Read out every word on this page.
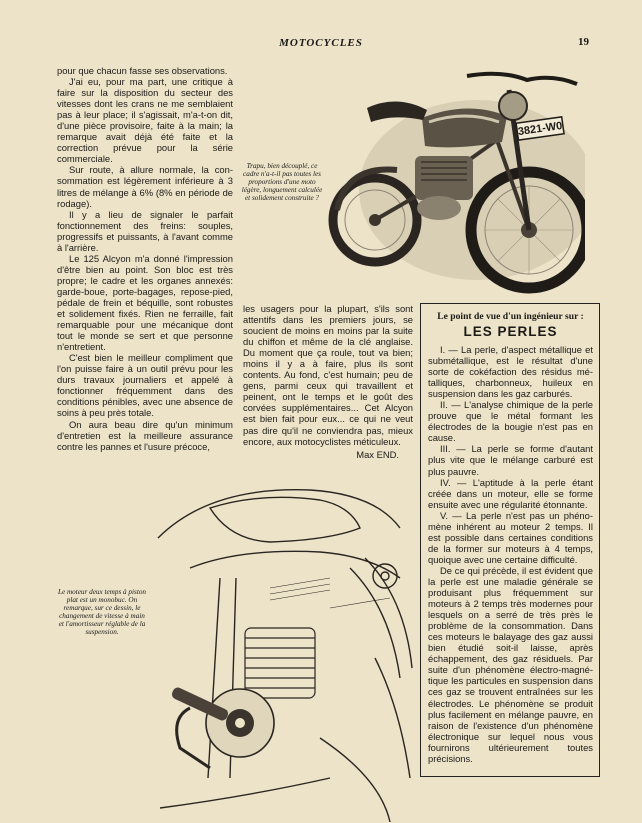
MOTOCYCLES	19

pour que chacun fasse ses observations.

J'ai eu, pour ma part, une critique à faire sur la disposition du secteur des vitesses dont les crans ne me semblaient pas à leur place; il s'agissait, m'a-t-on dit, d'une pièce provisoire, faite à la main; la remarque avait déjà été faite et la correction prévue pour la série commerciale.

Sur route, à allure normale, la consommation est légèrement inférieure à 3 litres de mélange à 6% (8% en période de rodage).

Il y a lieu de signaler le parfait fonctionnement des freins: souples, progressifs et puissants, à l'avant comme à l'arrière.

Le 125 Alcyon m'a donné l'impression d'être bien au point. Son bloc est très propre; le cadre et les organes annexés: garde-boue, porte-bagages, repose-pied, pédale de frein et béquille, sont robustes et solidement fixés. Rien ne ferraille, fait remarquable pour une mécanique dont tout le monde se sert et que personne n'entretient.

C'est bien le meilleur compliment que l'on puisse faire à un outil prévu pour les durs travaux journaliers et appelé à fonctionner fréquemment dans des conditions pénibles, avec une absence de soins à peu près totale.

On aura beau dire qu'un minimum d'entretien est la meilleure assurance contre les pannes et l'usure précoce,

les usagers pour la plupart, s'ils sont attentifs dans les premiers jours, se soucient de moins en moins par la suite du chiffon et même de la clé anglaise. Du moment que ça roule, tout va bien; moins il y a à faire, plus ils sont contents. Au fond, c'est humain; peu de gens, parmi ceux qui travaillent et peinent, ont le temps et le goût des corvées supplémentaires... Cet Alcyon est bien fait pour eux... ce qui ne veut pas dire qu'il ne conviendra pas, mieux encore, aux motocyclistes méticuleux.

Max END.

Trapu, bien découplé, ce cadre n'a-t-il pas toutes les proportions d'une moto légère, longuement calculée et solidement construite ?
3821-W0
Le moteur deux temps à piston plat est un monobuc. On remarque, sur ce dessin, le changement de vitesse à main et l'amortisseur réglable de la suspension.
Le point de vue d'un ingénieur sur :
LES PERLES

I. — La perle, d'aspect métallique et submétallique, est le résultat d'une sorte de cokéfaction des résidus métalliques, charbonneux, huileux en suspension dans les gaz carburés.

II. — L'analyse chimique de la perle prouve que le métal formant les électrodes de la bougie n'est pas en cause.

III. — La perle se forme d'autant plus vite que le mélange carburé est plus pauvre.

IV. — L'aptitude à la perle étant créée dans un moteur, elle se forme ensuite avec une régularité étonnante.

V. — La perle n'est pas un phénomène inhérent au moteur 2 temps. Il est possible dans certaines conditions de la former sur moteurs à 4 temps, quoique avec une certaine difficulté.

De ce qui précède, il est évident que la perle est une maladie générale se produisant plus fréquemment sur moteurs à 2 temps très modernes pour lesquels on a serré de très près le problème de la consommation. Dans ces moteurs le balayage des gaz aussi bien étudié soit-il laisse, après échappement, des gaz résiduels. Par suite d'un phénomène électro-magnétique les particules en suspension dans ces gaz se trouvent entraînées sur les électrodes. Le phénomène se produit plus facilement en mélange pauvre, en raison de l'existence d'un phénomène électronique sur lequel nous vous fournirons ultérieurement toutes précisions.
